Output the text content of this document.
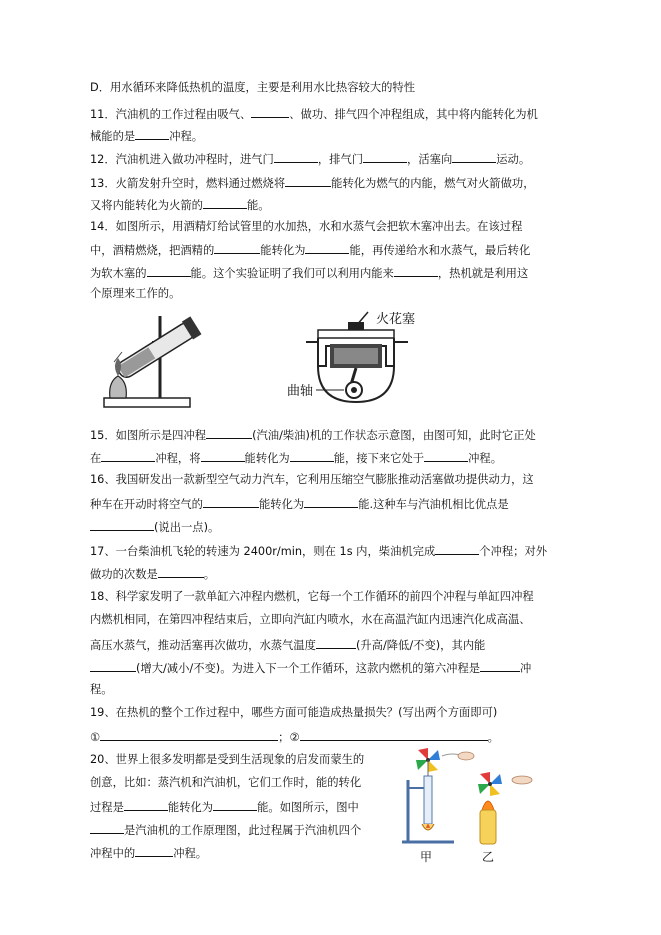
D．用水循环来降低热机的温度，主要是利用水比热容较大的特性
11．汽油机的工作过程由吸气、	、做功、排气四个冲程组成，其中将内能转化为机
械能的是	冲程。
12．汽油机进入做功冲程时，进气门	，排气门	，活塞向	运动。
13．火箭发射升空时，燃料通过燃烧将	能转化为燃气的内能，燃气对火箭做功，
又将内能转化为火箭的	能。
14．如图所示，用酒精灯给试管里的水加热，水和水蒸气会把软木塞冲出去。在该过程
中，酒精燃烧，把酒精的	能转化为	能，再传递给水和水蒸气，最后转化
为软木塞的	能。这个实验证明了我们可以利用内能来	，热机就是利用这
个原理来工作的。
火花塞
曲轴
15．如图所示是四冲程	(汽油/柴油)机的工作状态示意图，由图可知，此时它正处
在	冲程，将	能转化为	能，接下来它处于	冲程。
16、我国研发出一款新型空气动力汽车，它利用压缩空气膨胀推动活塞做功提供动力，这
种车在开动时将空气的	能转化为	能.这种车与汽油机相比优点是
(说出一点)。
17、一台柴油机飞轮的转速为 2400r/min，则在 1s 内，柴油机完成	个冲程；对外
做功的次数是	。
18、科学家发明了一款单缸六冲程内燃机，它每一个工作循环的前四个冲程与单缸四冲程
内燃机相同，在第四冲程结束后，立即向汽缸内喷水，水在高温汽缸内迅速汽化成高温、
高压水蒸气，推动活塞再次做功，水蒸气温度	(升高/降低/不变)，其内能
(增大/减小/不变)。为进入下一个工作循环，这款内燃机的第六冲程是	冲
程。
19、在热机的整个工作过程中，哪些方面可能造成热量损失？(写出两个方面即可)
①	；②	。
20、世界上很多发明都是受到生活现象的启发而蒙生的
创意，比如：蒸汽机和汽油机，它们工作时，能的转化
过程是	能转化为	能。如图所示，图中
是汽油机的工作原理图，此过程属于汽油机四个
冲程中的	冲程。	甲	乙
